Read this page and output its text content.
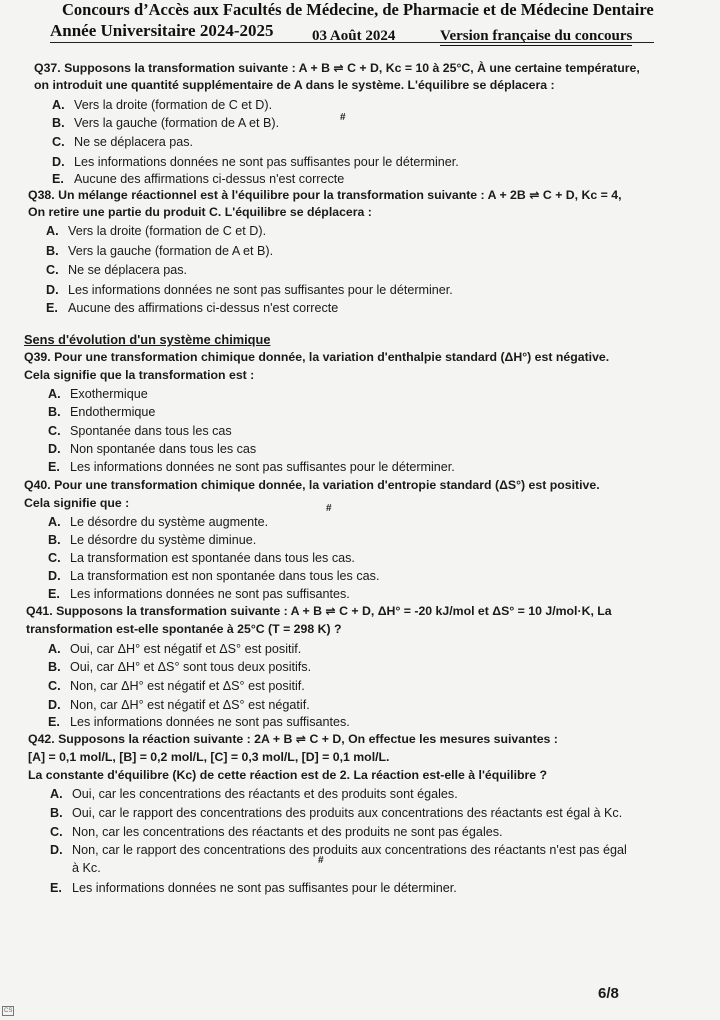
Concours d’Accès aux Facultés de Médecine, de Pharmacie et de Médecine Dentaire
Année Universitaire 2024-2025	03 Août 2024	Version française du concours
Q37. Supposons la transformation suivante : A + B ⇌ C + D, Kc = 10 à 25°C, À une certaine température,
on introduit une quantité supplémentaire de A dans le système. L'équilibre se déplacera :
A. Vers la droite (formation de C et D).
B. Vers la gauche (formation de A et B).	#
C. Ne se déplacera pas.
D. Les informations données ne sont pas suffisantes pour le déterminer.
E. Aucune des affirmations ci-dessus n'est correcte
Q38. Un mélange réactionnel est à l'équilibre pour la transformation suivante : A + 2B ⇌ C + D, Kc = 4,
On retire une partie du produit C. L'équilibre se déplacera :
A. Vers la droite (formation de C et D).
B. Vers la gauche (formation de A et B).
C. Ne se déplacera pas.
D. Les informations données ne sont pas suffisantes pour le déterminer.
E. Aucune des affirmations ci-dessus n'est correcte
Sens d'évolution d'un système chimique
Q39. Pour une transformation chimique donnée, la variation d'enthalpie standard (ΔH°) est négative.
Cela signifie que la transformation est :
A. Exothermique
B. Endothermique
C. Spontanée dans tous les cas
D. Non spontanée dans tous les cas
E. Les informations données ne sont pas suffisantes pour le déterminer.
Q40. Pour une transformation chimique donnée, la variation d'entropie standard (ΔS°) est positive.
Cela signifie que :	#
A. Le désordre du système augmente.
B. Le désordre du système diminue.
C. La transformation est spontanée dans tous les cas.
D. La transformation est non spontanée dans tous les cas.
E. Les informations données ne sont pas suffisantes.
Q41. Supposons la transformation suivante : A + B ⇌ C + D, ΔH° = -20 kJ/mol et ΔS° = 10 J/mol·K, La
transformation est-elle spontanée à 25°C (T = 298 K) ?
A. Oui, car ΔH° est négatif et ΔS° est positif.
B. Oui, car ΔH° et ΔS° sont tous deux positifs.
C. Non, car ΔH° est négatif et ΔS° est positif.
D. Non, car ΔH° est négatif et ΔS° est négatif.
E. Les informations données ne sont pas suffisantes.
Q42. Supposons la réaction suivante : 2A + B ⇌ C + D, On effectue les mesures suivantes :
[A] = 0,1 mol/L, [B] = 0,2 mol/L, [C] = 0,3 mol/L, [D] = 0,1 mol/L.
La constante d'équilibre (Kc) de cette réaction est de 2. La réaction est-elle à l'équilibre ?
A. Oui, car les concentrations des réactants et des produits sont égales.
B. Oui, car le rapport des concentrations des produits aux concentrations des réactants est égal à Kc.
C. Non, car les concentrations des réactants et des produits ne sont pas égales.
D. Non, car le rapport des concentrations des produits aux concentrations des réactants n'est pas égal
à Kc.
#
E. Les informations données ne sont pas suffisantes pour le déterminer.
6/8
CS
